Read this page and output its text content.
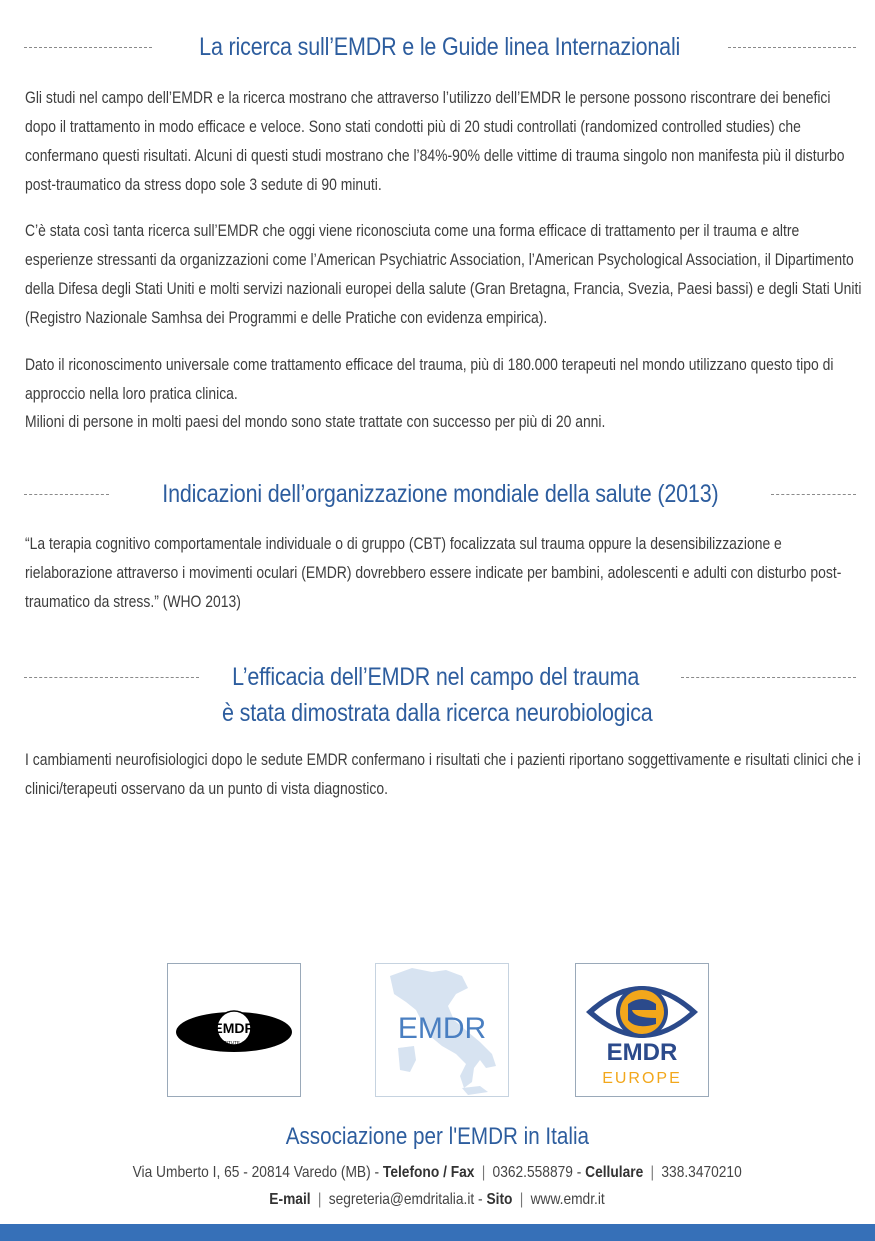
La ricerca sull’EMDR e le Guide linea Internazionali

Gli studi nel campo dell’EMDR e la ricerca mostrano che attraverso l’utilizzo dell’EMDR le persone possono riscontrare dei benefici dopo il trattamento in modo efficace e veloce. Sono stati condotti più di 20 studi controllati (randomized controlled studies) che confermano questi risultati. Alcuni di questi studi mostrano che l’84%-90% delle vittime di trauma singolo non manifesta più il disturbo post-traumatico da stress dopo sole 3 sedute di 90 minuti.

C’è stata così tanta ricerca sull’EMDR che oggi viene riconosciuta come una forma efficace di trattamento per il trauma e altre esperienze stressanti da organizzazioni come l’American Psychiatric Association, l’American Psychological Association, il Dipartimento della Difesa degli Stati Uniti e molti servizi nazionali europei della salute (Gran Bretagna, Francia, Svezia, Paesi bassi) e degli Stati Uniti (Registro Nazionale Samhsa dei Programmi e delle Pratiche con evidenza empirica).

Dato il riconoscimento universale come trattamento efficace del trauma, più di 180.000 terapeuti nel mondo utilizzano questo tipo di approccio nella loro pratica clinica.

Milioni di persone in molti paesi del mondo sono state trattate con successo per più di 20 anni.

Indicazioni dell’organizzazione mondiale della salute (2013)

“La terapia cognitivo comportamentale individuale o di gruppo (CBT) focalizzata sul trauma oppure la desensibilizzazione e rielaborazione attraverso i movimenti oculari (EMDR) dovrebbero essere indicate per bambini, adolescenti e adulti con disturbo post-traumatico da stress.” (WHO 2013)

L’efficacia dell’EMDR nel campo del trauma
è stata dimostrata dalla ricerca neurobiologica

I cambiamenti neurofisiologici dopo le sedute EMDR confermano i risultati che i pazienti riportano soggettivamente e risultati clinici che i clinici/terapeuti osservano da un punto di vista diagnostico.

EMDR
INSTITUTE, INC.	EMDR
EMDR
EUROPE
Associazione per l'EMDR in Italia
Via Umberto I, 65 - 20814 Varedo (MB) - Telefono / Fax | 0362.558879 - Cellulare | 338.3470210
E-mail | segreteria@emdritalia.it - Sito | www.emdr.it
